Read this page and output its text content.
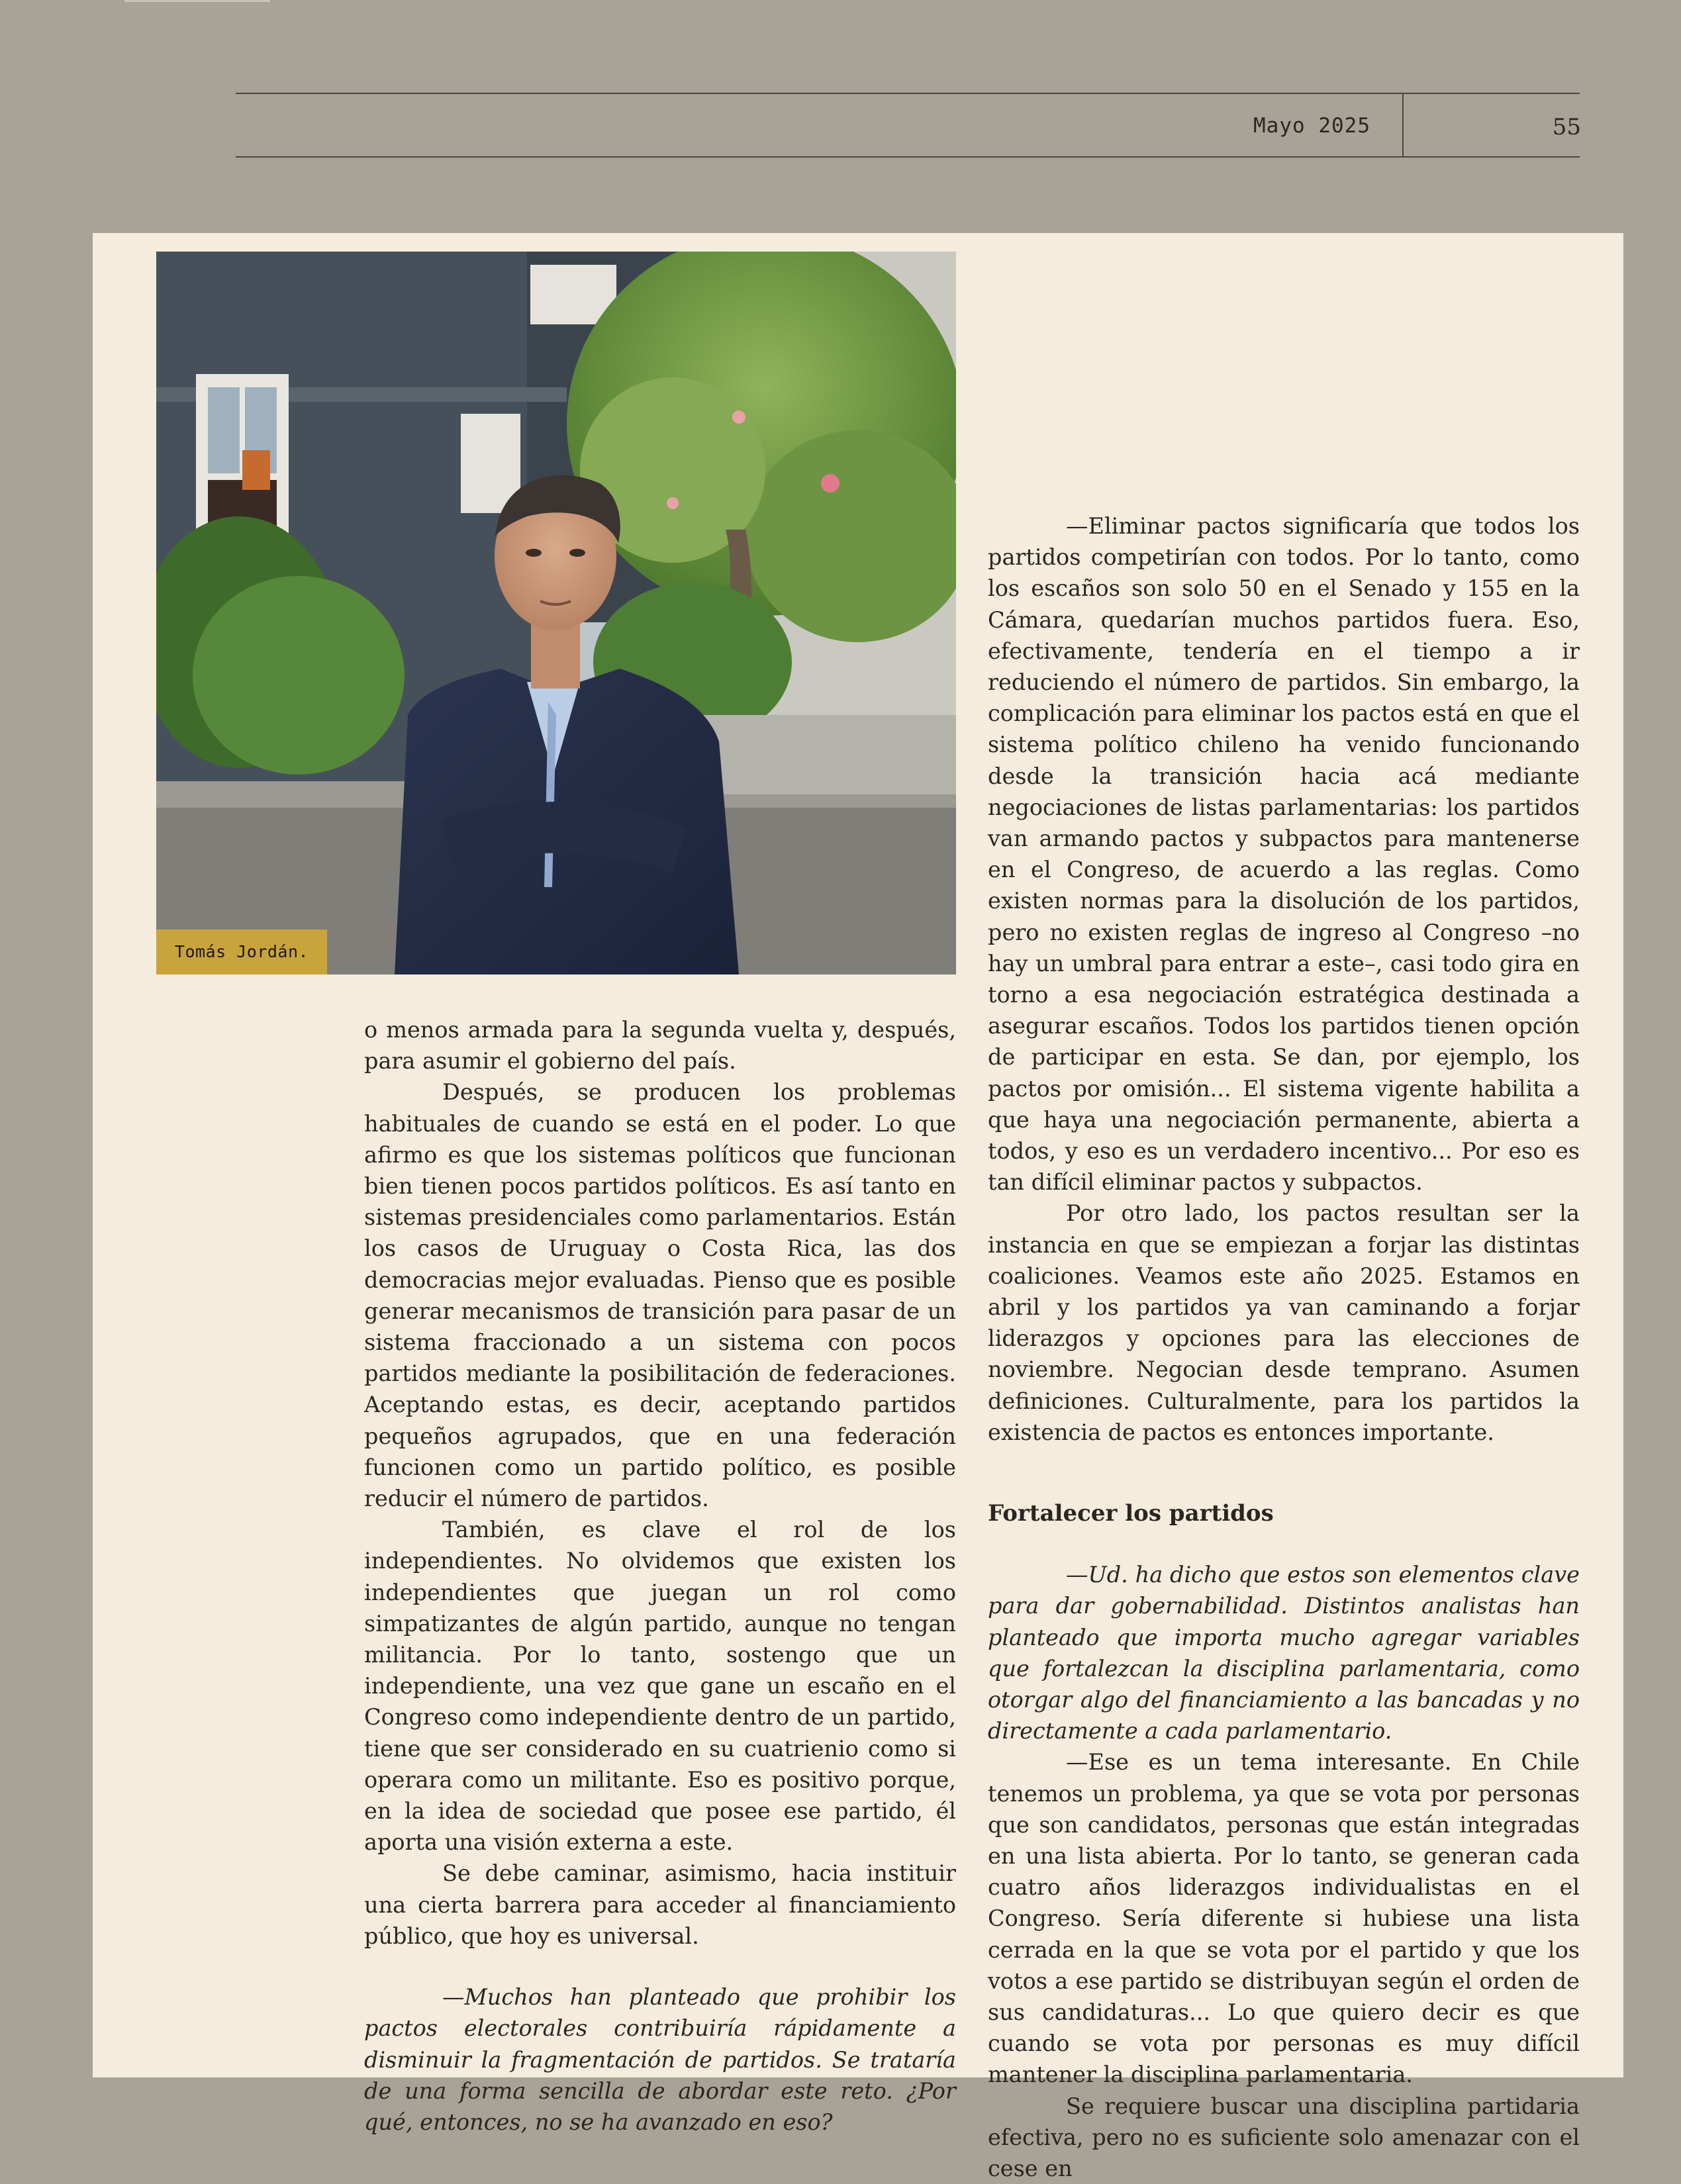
Mayo 2025	55
Tomás Jordán.

o menos armada para la segunda vuelta y, después, para asumir el gobierno del país.

Después, se producen los problemas habituales de cuando se está en el poder. Lo que afirmo es que los sistemas políticos que funcionan bien tienen pocos partidos políticos. Es así tanto en sistemas presidenciales como parlamentarios. Están los casos de Uruguay o Costa Rica, las dos democracias mejor evaluadas. Pienso que es posible generar mecanismos de transición para pasar de un sistema fraccionado a un sistema con pocos partidos mediante la posibilitación de federaciones. Aceptando estas, es decir, aceptando partidos pequeños agrupados, que en una federación funcionen como un partido político, es posible reducir el número de partidos.

También, es clave el rol de los independientes. No olvidemos que existen los independientes que juegan un rol como simpatizantes de algún partido, aunque no tengan militancia. Por lo tanto, sostengo que un independiente, una vez que gane un escaño en el Congreso como independiente dentro de un partido, tiene que ser considerado en su cuatrienio como si operara como un militante. Eso es positivo porque, en la idea de sociedad que posee ese partido, él aporta una visión externa a este.

Se debe caminar, asimismo, hacia instituir una cierta barrera para acceder al financiamiento público, que hoy es universal.

—Muchos han planteado que prohibir los pactos electorales contribuiría rápidamente a disminuir la fragmentación de partidos. Se trataría de una forma sencilla de abordar este reto. ¿Por qué, entonces, no se ha avanzado en eso?

—Eliminar pactos significaría que todos los partidos competirían con todos. Por lo tanto, como los escaños son solo 50 en el Senado y 155 en la Cámara, quedarían muchos partidos fuera. Eso, efectivamente, tendería en el tiempo a ir reduciendo el número de partidos. Sin embargo, la complicación para eliminar los pactos está en que el sistema político chileno ha venido funcionando desde la transición hacia acá mediante negociaciones de listas parlamentarias: los partidos van armando pactos y subpactos para mantenerse en el Congreso, de acuerdo a las reglas. Como existen normas para la disolución de los partidos, pero no existen reglas de ingreso al Congreso –no hay un umbral para entrar a este–, casi todo gira en torno a esa negociación estratégica destinada a asegurar escaños. Todos los partidos tienen opción de participar en esta. Se dan, por ejemplo, los pactos por omisión... El sistema vigente habilita a que haya una negociación permanente, abierta a todos, y eso es un verdadero incentivo... Por eso es tan difícil eliminar pactos y subpactos.

Por otro lado, los pactos resultan ser la instancia en que se empiezan a forjar las distintas coaliciones. Veamos este año 2025. Estamos en abril y los partidos ya van caminando a forjar liderazgos y opciones para las elecciones de noviembre. Negocian desde temprano. Asumen definiciones. Culturalmente, para los partidos la existencia de pactos es entonces importante.

Fortalecer los partidos

—Ud. ha dicho que estos son elementos clave para dar gobernabilidad. Distintos analistas han planteado que importa mucho agregar variables que fortalezcan la disciplina parlamentaria, como otorgar algo del financiamiento a las bancadas y no directamente a cada parlamentario.

—Ese es un tema interesante. En Chile tenemos un problema, ya que se vota por personas que son candidatos, personas que están integradas en una lista abierta. Por lo tanto, se generan cada cuatro años liderazgos individualistas en el Congreso. Sería diferente si hubiese una lista cerrada en la que se vota por el partido y que los votos a ese partido se distribuyan según el orden de sus candidaturas... Lo que quiero decir es que cuando se vota por personas es muy difícil mantener la disciplina parlamentaria.

Se requiere buscar una disciplina partidaria efectiva, pero no es suficiente solo amenazar con el cese en
